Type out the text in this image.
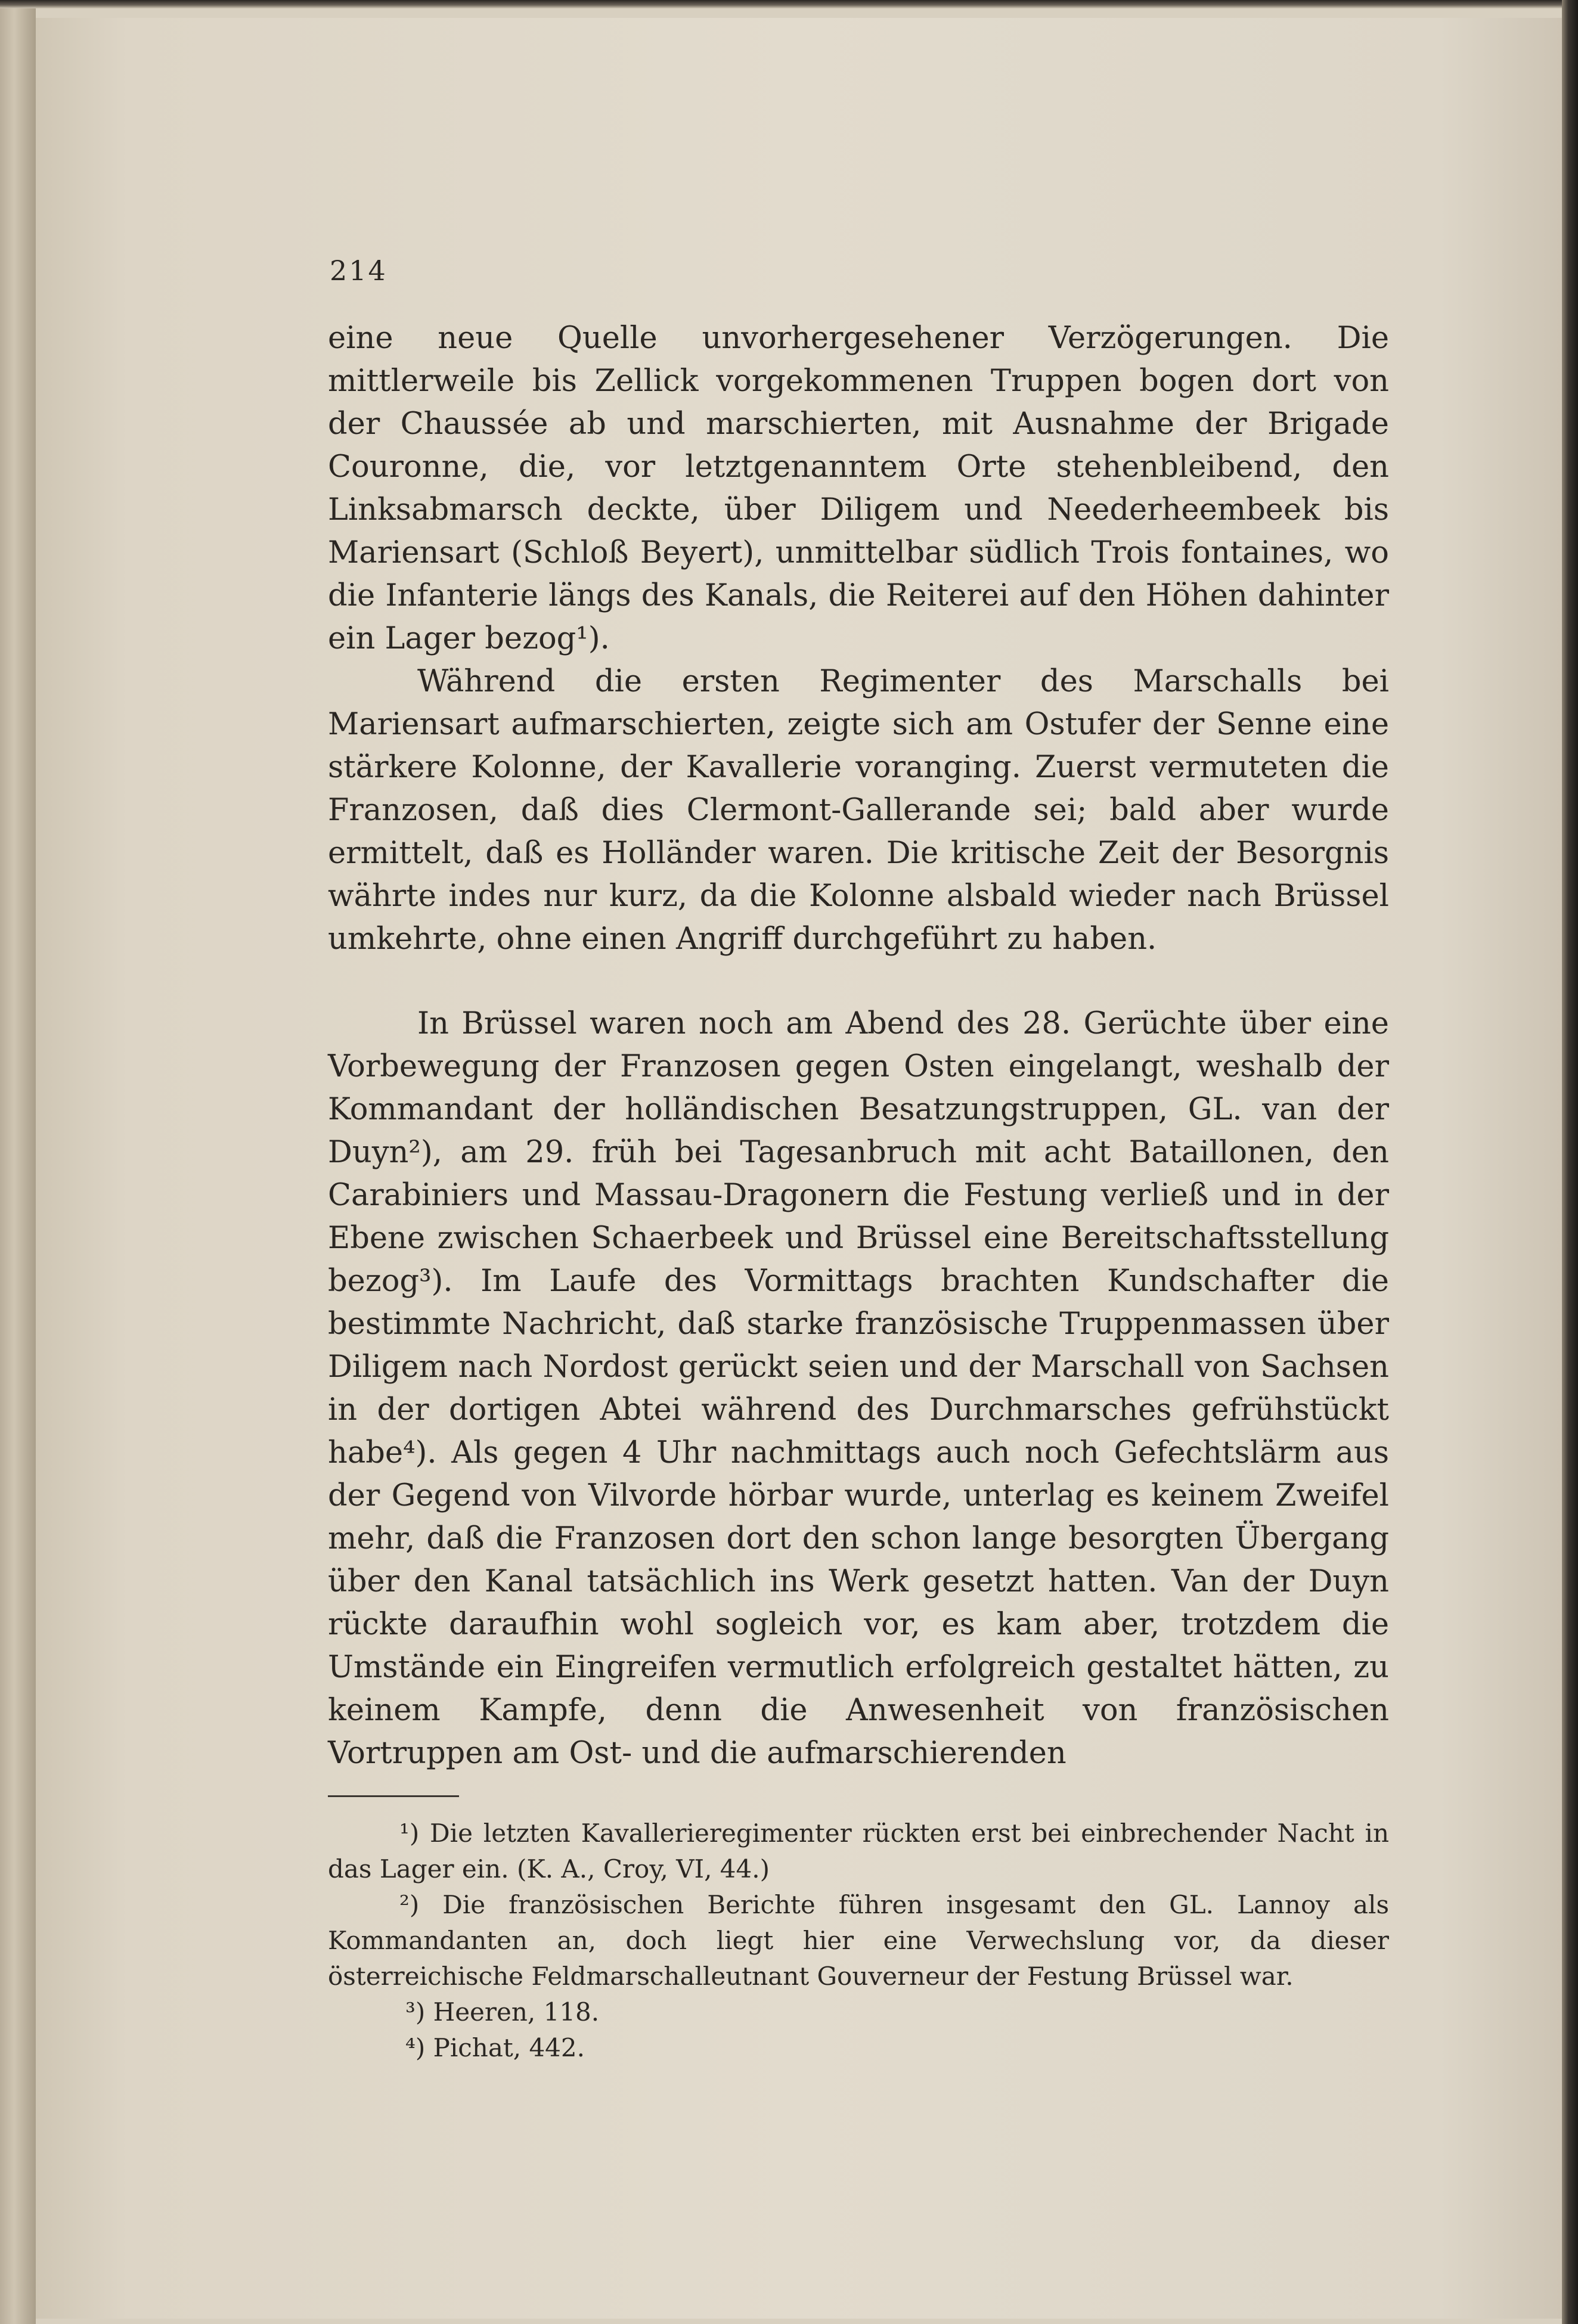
214

eine neue Quelle unvorhergesehener Verzögerungen. Die mittlerweile bis Zellick vorgekommenen Truppen bogen dort von der Chaussée ab und marschierten, mit Ausnahme der Brigade Couronne, die, vor letztgenanntem Orte stehenbleibend, den Linksabmarsch deckte, über Diligem und Neederheembeek bis Mariensart (Schloß Beyert), unmittelbar südlich Trois fontaines, wo die Infanterie längs des Kanals, die Reiterei auf den Höhen dahinter ein Lager bezog¹).

Während die ersten Regimenter des Marschalls bei Mariensart aufmarschierten, zeigte sich am Ostufer der Senne eine stärkere Kolonne, der Kavallerie voranging. Zuerst vermuteten die Franzosen, daß dies Clermont-Gallerande sei; bald aber wurde ermittelt, daß es Holländer waren. Die kritische Zeit der Besorgnis währte indes nur kurz, da die Kolonne alsbald wieder nach Brüssel umkehrte, ohne einen Angriff durchgeführt zu haben.

In Brüssel waren noch am Abend des 28. Gerüchte über eine Vorbewegung der Franzosen gegen Osten eingelangt, weshalb der Kommandant der holländischen Besatzungstruppen, GL. van der Duyn²), am 29. früh bei Tagesanbruch mit acht Bataillonen, den Carabiniers und Massau-Dragonern die Festung verließ und in der Ebene zwischen Schaerbeek und Brüssel eine Bereitschaftsstellung bezog³). Im Laufe des Vormittags brachten Kundschafter die bestimmte Nachricht, daß starke französische Truppenmassen über Diligem nach Nordost gerückt seien und der Marschall von Sachsen in der dortigen Abtei während des Durchmarsches gefrühstückt habe⁴). Als gegen 4 Uhr nachmittags auch noch Gefechtslärm aus der Gegend von Vilvorde hörbar wurde, unterlag es keinem Zweifel mehr, daß die Franzosen dort den schon lange besorgten Übergang über den Kanal tatsächlich ins Werk gesetzt hatten. Van der Duyn rückte daraufhin wohl sogleich vor, es kam aber, trotzdem die Umstände ein Eingreifen vermutlich erfolgreich gestaltet hätten, zu keinem Kampfe, denn die Anwesenheit von französischen Vortruppen am Ost- und die aufmarschierenden

¹) Die letzten Kavallerieregimenter rückten erst bei einbrechender Nacht in das Lager ein. (K. A., Croy, VI, 44.)

²) Die französischen Berichte führen insgesamt den GL. Lannoy als Kommandanten an, doch liegt hier eine Verwechslung vor, da dieser österreichische Feldmarschalleutnant Gouverneur der Festung Brüssel war.

³) Heeren, 118.

⁴) Pichat, 442.
